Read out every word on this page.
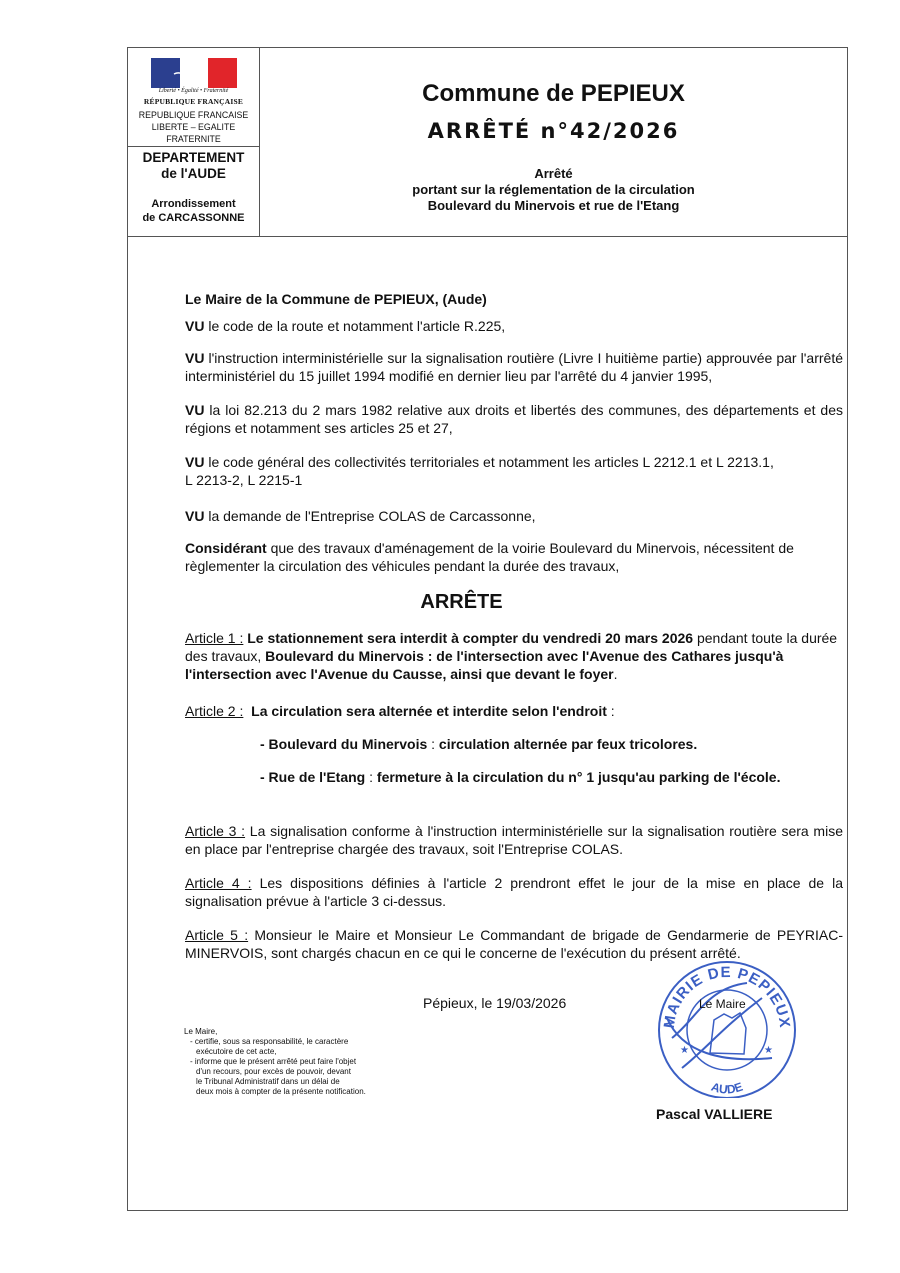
Liberté • Égalité • Fraternité
RÉPUBLIQUE FRANÇAISE
REPUBLIQUE FRANCAISE
LIBERTE – EGALITE
FRATERNITE
DEPARTEMENT
de l'AUDE
Arrondissement
de CARCASSONNE
Commune de PEPIEUX
ARRÊTÉ n°42/2026
Arrêté
portant sur la réglementation de la circulation
Boulevard du Minervois et rue de l'Etang
Le Maire de la Commune de PEPIEUX, (Aude)
VU le code de la route et notamment l'article R.225,
VU l'instruction interministérielle sur la signalisation routière (Livre I huitième partie) approuvée par l'arrêté interministériel du 15 juillet 1994 modifié en dernier lieu par l'arrêté du 4 janvier 1995,
VU la loi 82.213 du 2 mars 1982 relative aux droits et libertés des communes, des départements et des régions et notamment ses articles 25 et 27,
VU le code général des collectivités territoriales et notamment les articles L 2212.1 et L 2213.1,
L 2213-2, L 2215-1
VU la demande de l'Entreprise COLAS de Carcassonne,
Considérant que des travaux d'aménagement de la voirie Boulevard du Minervois, nécessitent de règlementer la circulation des véhicules pendant la durée des travaux,
ARRÊTE
Article 1 : Le stationnement sera interdit à compter du vendredi 20 mars 2026 pendant toute la durée des travaux, Boulevard du Minervois : de l'intersection avec l'Avenue des Cathares jusqu'à l'intersection avec l'Avenue du Causse, ainsi que devant le foyer.
Article 2 : La circulation sera alternée et interdite selon l'endroit :
- Boulevard du Minervois : circulation alternée par feux tricolores.
- Rue de l'Etang : fermeture à la circulation du n° 1 jusqu'au parking de l'école.
Article 3 : La signalisation conforme à l'instruction interministérielle sur la signalisation routière sera mise en place par l'entreprise chargée des travaux, soit l'Entreprise COLAS.
Article 4 : Les dispositions définies à l'article 2 prendront effet le jour de la mise en place de la signalisation prévue à l'article 3 ci-dessus.
Article 5 : Monsieur le Maire et Monsieur Le Commandant de brigade de Gendarmerie de PEYRIAC-MINERVOIS, sont chargés chacun en ce qui le concerne de l'exécution du présent arrêté.
Pépieux, le 19/03/2026
Le Maire,
- certifie, sous sa responsabilité, le caractère
exécutoire de cet acte,
- informe que le présent arrêté peut faire l'objet
d'un recours, pour excès de pouvoir, devant
le Tribunal Administratif dans un délai de
deux mois à compter de la présente notification.
MAIRIE DE PEPIEUX
AUDE
★	★
Le Maire
Pascal VALLIERE
